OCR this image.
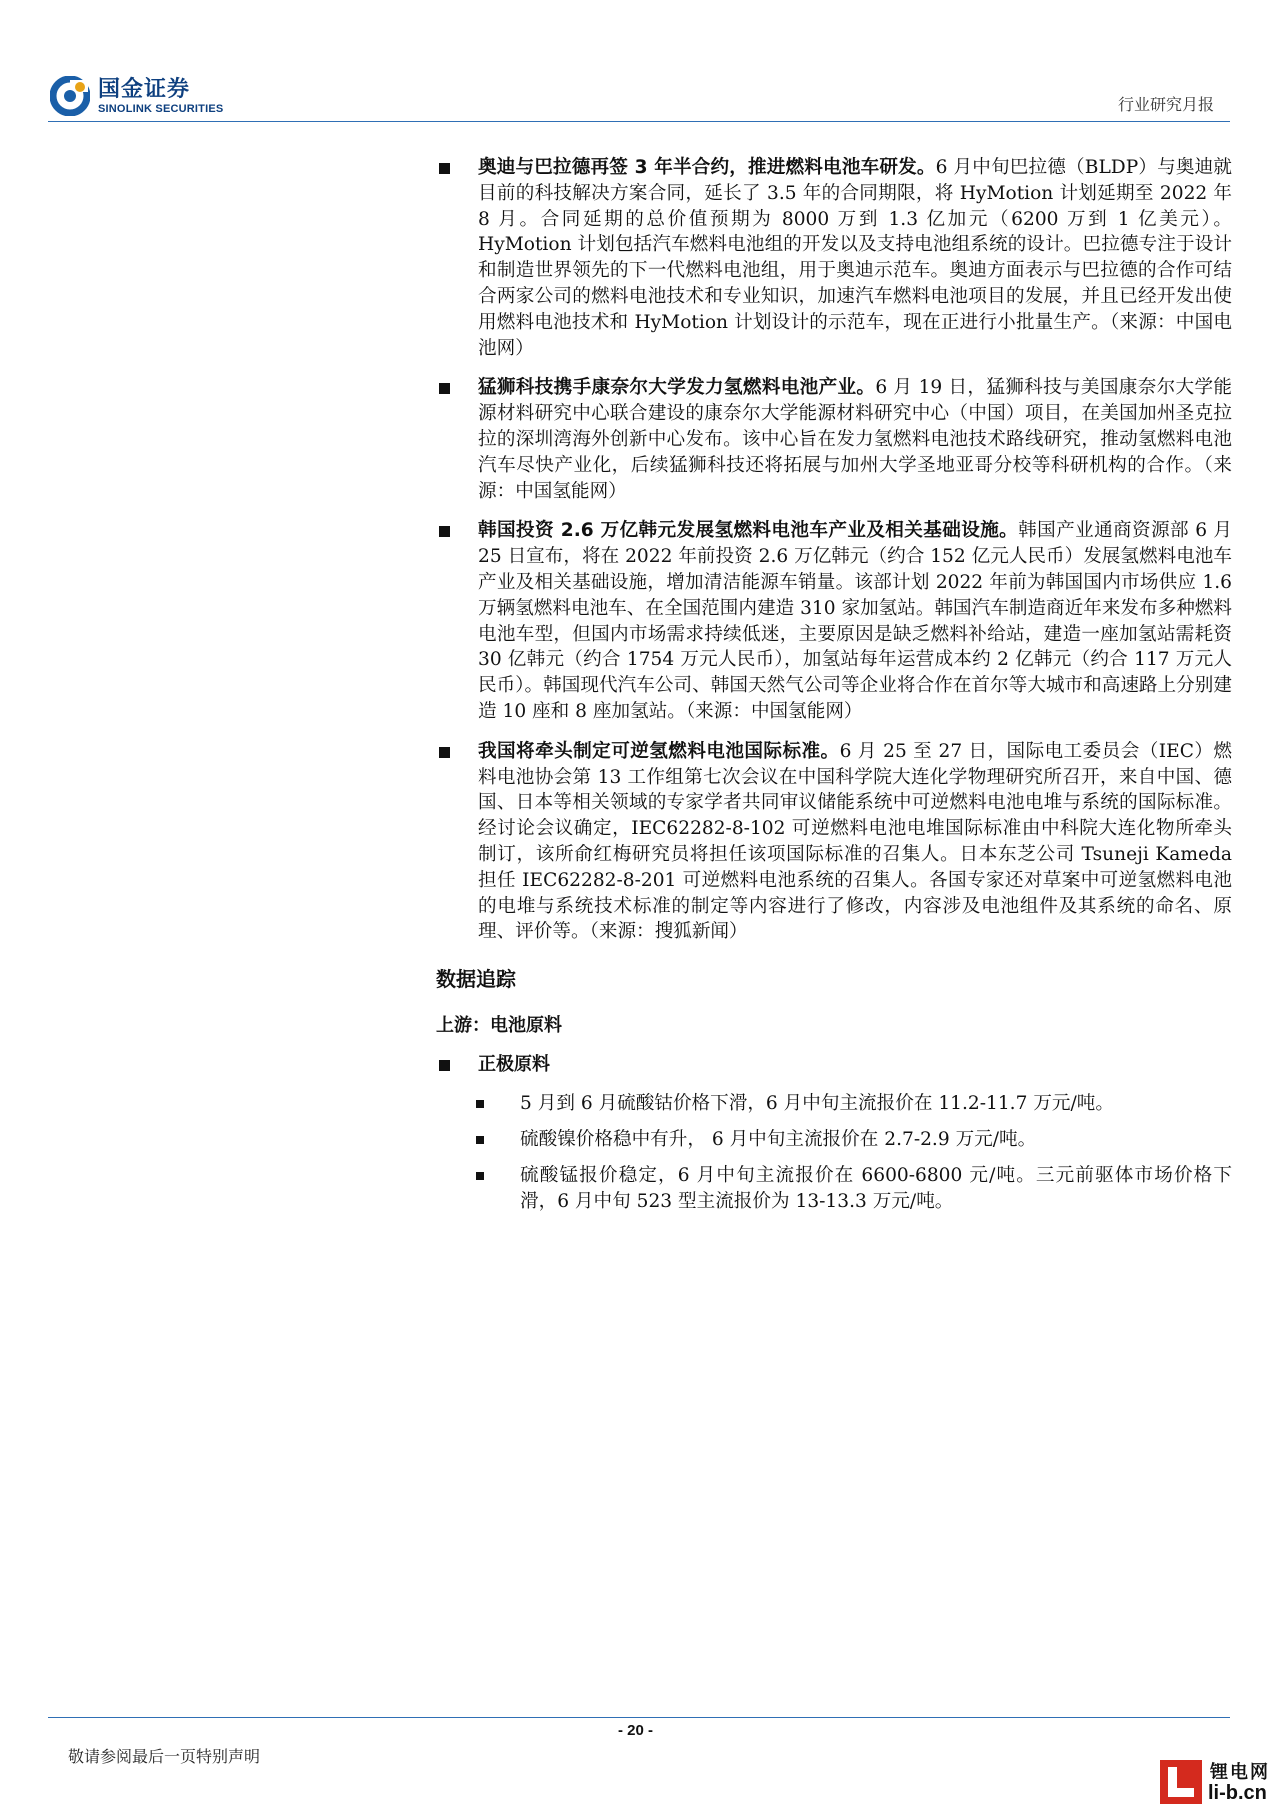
国金证券
SINOLINK SECURITIES	行业研究月报
奥迪与巴拉德再签 3 年半合约，推进燃料电池车研发。6 月中旬巴拉德（BLDP）与奥迪就目前的科技解决方案合同，延长了 3.5 年的合同期限，将 HyMotion 计划延期至 2022 年 8 月。合同延期的总价值预期为 8000 万到 1.3 亿加元（6200 万到 1 亿美元）。HyMotion 计划包括汽车燃料电池组的开发以及支持电池组系统的设计。巴拉德专注于设计和制造世界领先的下一代燃料电池组，用于奥迪示范车。奥迪方面表示与巴拉德的合作可结合两家公司的燃料电池技术和专业知识，加速汽车燃料电池项目的发展，并且已经开发出使用燃料电池技术和 HyMotion 计划设计的示范车，现在正进行小批量生产。（来源：中国电池网）
猛狮科技携手康奈尔大学发力氢燃料电池产业。6 月 19 日，猛狮科技与美国康奈尔大学能源材料研究中心联合建设的康奈尔大学能源材料研究中心（中国）项目，在美国加州圣克拉拉的深圳湾海外创新中心发布。该中心旨在发力氢燃料电池技术路线研究，推动氢燃料电池汽车尽快产业化，后续猛狮科技还将拓展与加州大学圣地亚哥分校等科研机构的合作。（来源：中国氢能网）
韩国投资 2.6 万亿韩元发展氢燃料电池车产业及相关基础设施。韩国产业通商资源部 6 月 25 日宣布，将在 2022 年前投资 2.6 万亿韩元（约合 152 亿元人民币）发展氢燃料电池车产业及相关基础设施，增加清洁能源车销量。该部计划 2022 年前为韩国国内市场供应 1.6 万辆氢燃料电池车、在全国范围内建造 310 家加氢站。韩国汽车制造商近年来发布多种燃料电池车型，但国内市场需求持续低迷，主要原因是缺乏燃料补给站，建造一座加氢站需耗资 30 亿韩元（约合 1754 万元人民币），加氢站每年运营成本约 2 亿韩元（约合 117 万元人民币）。韩国现代汽车公司、韩国天然气公司等企业将合作在首尔等大城市和高速路上分别建造 10 座和 8 座加氢站。（来源：中国氢能网）
我国将牵头制定可逆氢燃料电池国际标准。6 月 25 至 27 日，国际电工委员会（IEC）燃料电池协会第 13 工作组第七次会议在中国科学院大连化学物理研究所召开，来自中国、德国、日本等相关领域的专家学者共同审议储能系统中可逆燃料电池电堆与系统的国际标准。经讨论会议确定，IEC62282-8-102 可逆燃料电池电堆国际标准由中科院大连化物所牵头制订，该所俞红梅研究员将担任该项国际标准的召集人。日本东芝公司 Tsuneji Kameda 担任 IEC62282-8-201 可逆燃料电池系统的召集人。各国专家还对草案中可逆氢燃料电池的电堆与系统技术标准的制定等内容进行了修改，内容涉及电池组件及其系统的命名、原理、评价等。（来源：搜狐新闻）
数据追踪
上游：电池原料
正极原料
5 月到 6 月硫酸钴价格下滑，6 月中旬主流报价在 11.2-11.7 万元/吨。
硫酸镍价格稳中有升， 6 月中旬主流报价在 2.7-2.9 万元/吨。
硫酸锰报价稳定，6 月中旬主流报价在 6600-6800 元/吨。三元前驱体市场价格下滑，6 月中旬 523 型主流报价为 13-13.3 万元/吨。
- 20 -
敬请参阅最后一页特别声明
锂电网
li-b.cn
